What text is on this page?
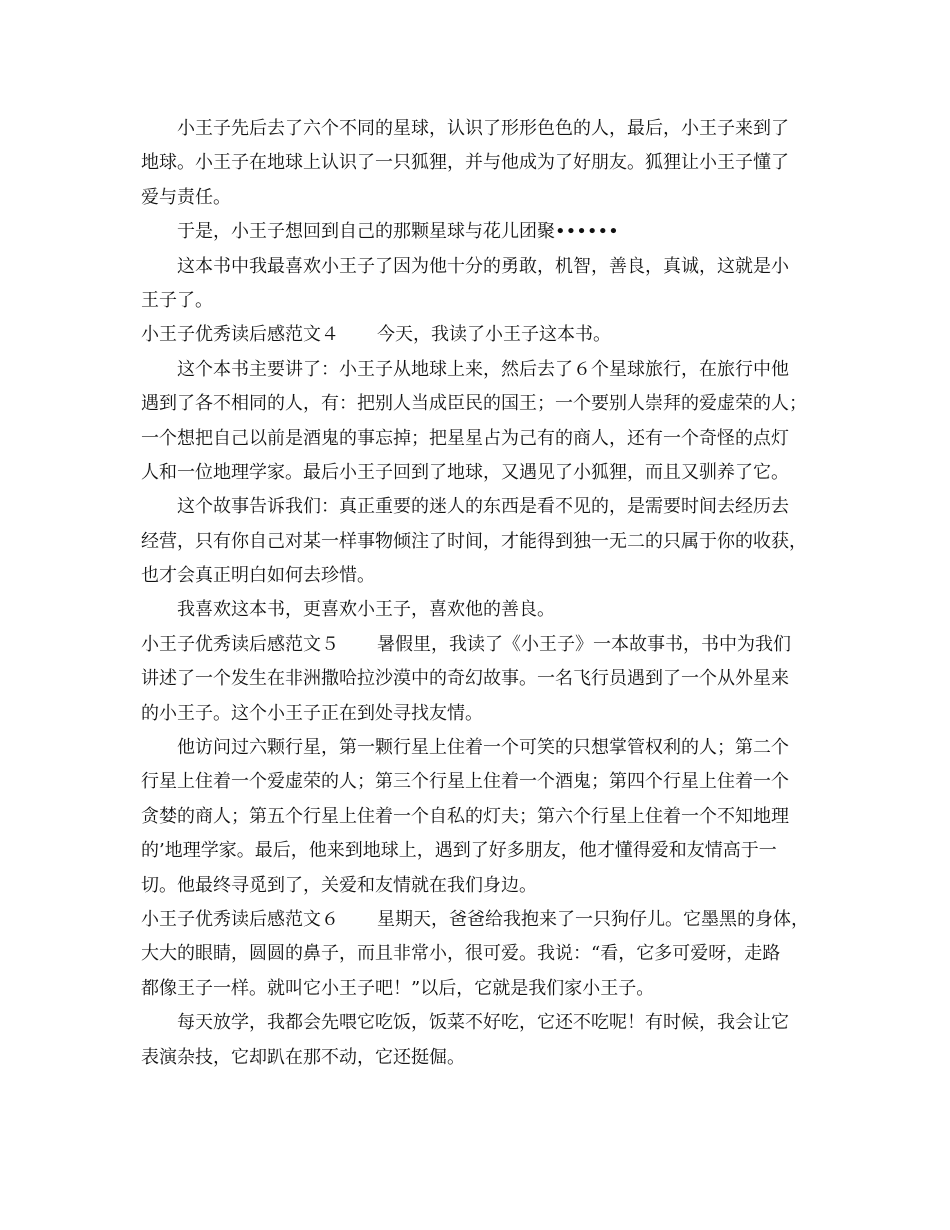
小王子先后去了六个不同的星球，认识了形形色色的人，最后，小王子来到了
地球。小王子在地球上认识了一只狐狸，并与他成为了好朋友。狐狸让小王子懂了
爱与责任。
于是，小王子想回到自己的那颗星球与花儿团聚••••••
这本书中我最喜欢小王子了因为他十分的勇敢，机智，善良，真诚，这就是小
王子了。
小王子优秀读后感范文４ 今天，我读了小王子这本书。
这个本书主要讲了：小王子从地球上来，然后去了６个星球旅行，在旅行中他
遇到了各不相同的人，有：把别人当成臣民的国王；一个要别人崇拜的爱虚荣的人；
一个想把自己以前是酒鬼的事忘掉；把星星占为己有的商人，还有一个奇怪的点灯
人和一位地理学家。最后小王子回到了地球，又遇见了小狐狸，而且又驯养了它。
这个故事告诉我们：真正重要的迷人的东西是看不见的，是需要时间去经历去
经营，只有你自己对某一样事物倾注了时间，才能得到独一无二的只属于你的收获，
也才会真正明白如何去珍惜。
我喜欢这本书，更喜欢小王子，喜欢他的善良。
小王子优秀读后感范文５ 暑假里，我读了《小王子》一本故事书，书中为我们
讲述了一个发生在非洲撒哈拉沙漠中的奇幻故事。一名飞行员遇到了一个从外星来
的小王子。这个小王子正在到处寻找友情。
他访问过六颗行星，第一颗行星上住着一个可笑的只想掌管权利的人；第二个
行星上住着一个爱虚荣的人；第三个行星上住着一个酒鬼；第四个行星上住着一个
贪婪的商人；第五个行星上住着一个自私的灯夫；第六个行星上住着一个不知地理
的’地理学家。最后，他来到地球上，遇到了好多朋友，他才懂得爱和友情高于一
切。他最终寻觅到了，关爱和友情就在我们身边。
小王子优秀读后感范文６ 星期天，爸爸给我抱来了一只狗仔儿。它墨黑的身体，
大大的眼睛，圆圆的鼻子，而且非常小，很可爱。我说：“看，它多可爱呀，走路
都像王子一样。就叫它小王子吧！”以后，它就是我们家小王子。
每天放学，我都会先喂它吃饭，饭菜不好吃，它还不吃呢！有时候，我会让它
表演杂技，它却趴在那不动，它还挺倔。
